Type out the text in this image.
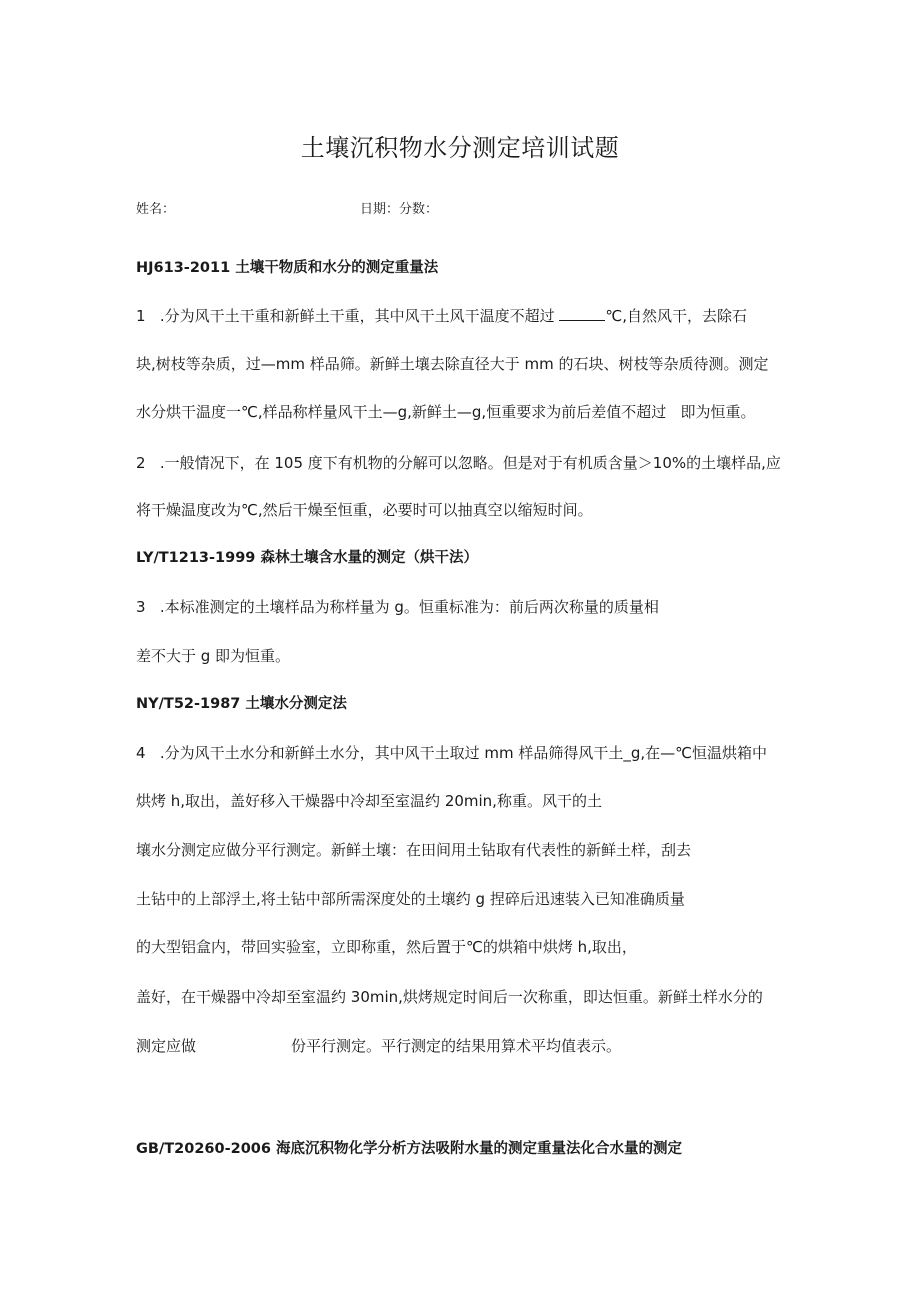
土壤沉积物水分测定培训试题
姓名：	日期：分数：
HJ613-2011 土壤干物质和水分的测定重量法
1   .分为风干土干重和新鲜土干重，其中风干土风干温度不超过	℃,自然风干，去除石
块,树枝等杂质，过—mm 样品筛。新鲜土壤去除直径大于 mm 的石块、树枝等杂质待测。测定
水分烘干温度一℃,样品称样量风干土—g,新鲜土—g,恒重要求为前后差值不超过   即为恒重。
2   .一般情况下，在 105 度下有机物的分解可以忽略。但是对于有机质含量＞10%的土壤样品,应
将干燥温度改为℃,然后干燥至恒重，必要时可以抽真空以缩短时间。
LY/T1213-1999 森林土壤含水量的测定（烘干法）
3   .本标准测定的土壤样品为称样量为 g。恒重标准为：前后两次称量的质量相
差不大于 g 即为恒重。
NY/T52-1987 土壤水分测定法
4   .分为风干土水分和新鲜土水分，其中风干土取过 mm 样品筛得风干土_g,在—℃恒温烘箱中
烘烤 h,取出，盖好移入干燥器中冷却至室温约 20min,称重。风干的土
壤水分测定应做分平行测定。新鲜土壤：在田间用土钻取有代表性的新鲜土样，刮去
土钻中的上部浮土,将土钻中部所需深度处的土壤约 g 捏碎后迅速装入已知准确质量
的大型铝盒内，带回实验室，立即称重，然后置于℃的烘箱中烘烤 h,取出，
盖好，在干燥器中冷却至室温约 30min,烘烤规定时间后一次称重，即达恒重。新鲜土样水分的
测定应做	份平行测定。平行测定的结果用算术平均值表示。
GB/T20260-2006 海底沉积物化学分析方法吸附水量的测定重量法化合水量的测定
